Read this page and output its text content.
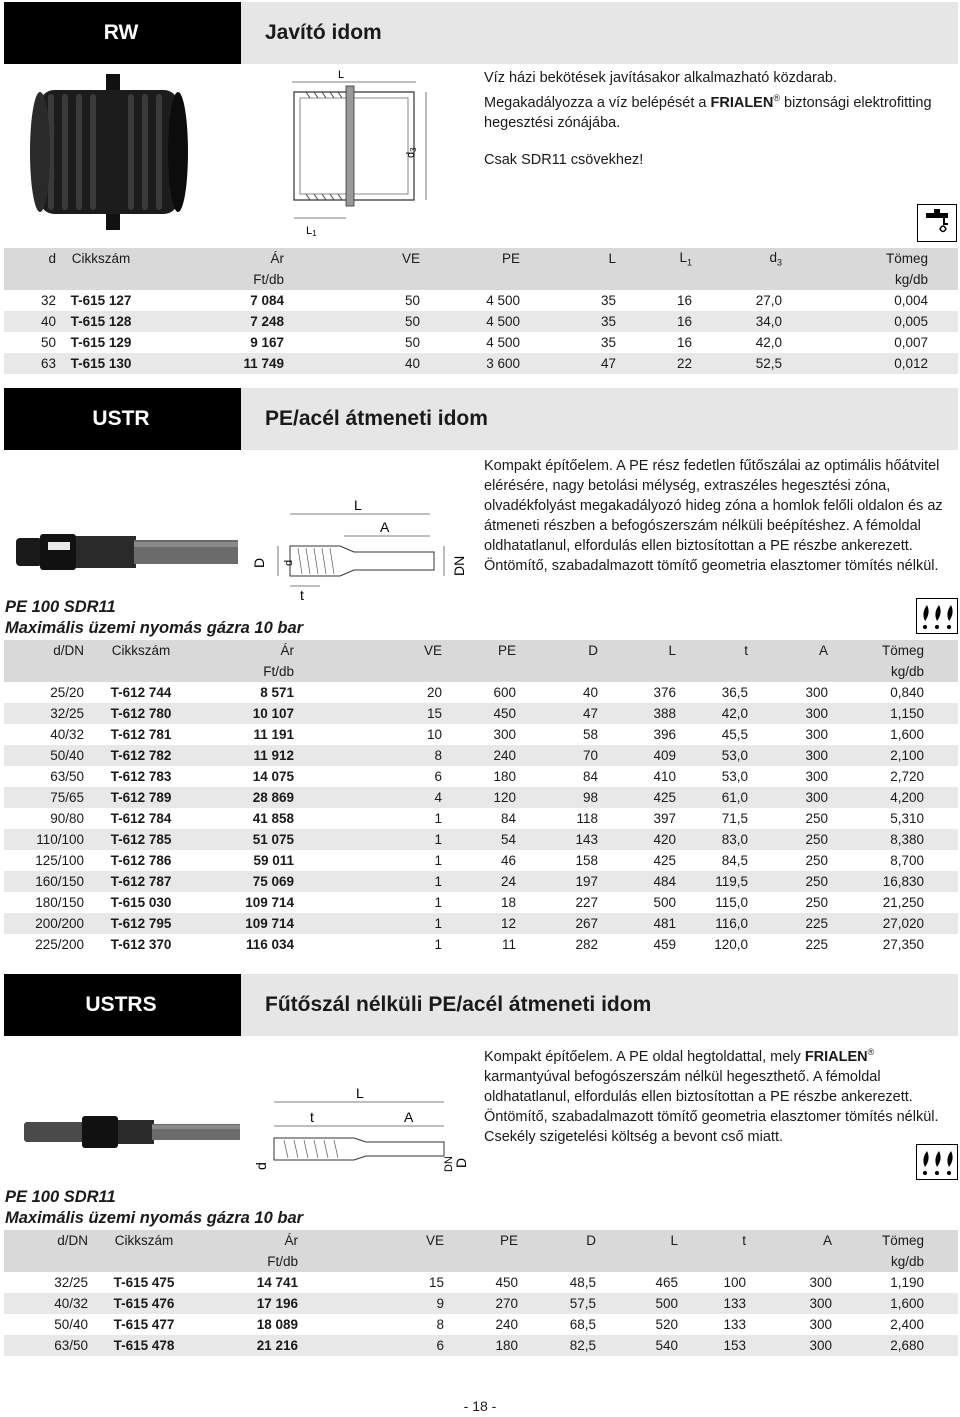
RW	Javító idom
L
d3
L1
Víz házi bekötések javításakor alkalmazható közdarab. Megakadályozza a víz belépését a FRIALEN® biztonsági elektrofitting hegesztési zónájába.
Csak SDR11 csövekhez!
d	Cikkszám	Ár	VE	PE	L	$L_1$	$d_3$	Tömeg
		Ft/db						kg/db
32	T-615 127	7 084	50	4 500	35	16	27,0	0,004
40	T-615 128	7 248	50	4 500	35	16	34,0	0,005
50	T-615 129	9 167	50	4 500	35	16	42,0	0,007
63	T-615 130	11 749	40	3 600	47	22	52,5	0,012
USTR	PE/acél átmeneti idom
L
A
D d
t
DN
Kompakt építőelem. A PE rész fedetlen fűtőszálai az optimális hőátvitel elérésére, nagy betolási mélység, extraszéles hegesztési zóna, olvadékfolyást megakadályozó hideg zóna a homlok felőli oldalon és az átmeneti részben a befogószerszám nélküli beépítéshez. A fémoldal oldhatatlanul, elfordulás ellen biztosítottan a PE részbe ankerezett. Öntömítő, szabadalmazott tömítő geometria elasztomer tömítés nélkül.
PE 100 SDR11
Maximális üzemi nyomás gázra 10 bar
d/DN	Cikkszám	Ár	VE	PE	D	L	t	A	Tömeg
		Ft/db							kg/db
25/20	T-612 744	8 571	20	600	40	376	36,5	300	0,840
32/25	T-612 780	10 107	15	450	47	388	42,0	300	1,150
40/32	T-612 781	11 191	10	300	58	396	45,5	300	1,600
50/40	T-612 782	11 912	8	240	70	409	53,0	300	2,100
63/50	T-612 783	14 075	6	180	84	410	53,0	300	2,720
75/65	T-612 789	28 869	4	120	98	425	61,0	300	4,200
90/80	T-612 784	41 858	1	84	118	397	71,5	250	5,310
110/100	T-612 785	51 075	1	54	143	420	83,0	250	8,380
125/100	T-612 786	59 011	1	46	158	425	84,5	250	8,700
160/150	T-612 787	75 069	1	24	197	484	119,5	250	16,830
180/150	T-615 030	109 714	1	18	227	500	115,0	250	21,250
200/200	T-612 795	109 714	1	12	267	481	116,0	225	27,020
225/200	T-612 370	116 034	1	11	282	459	120,0	225	27,350
USTRS	Fűtőszál nélküli PE/acél átmeneti idom
L
t	A
d	DN
D
Kompakt építőelem. A PE oldal hegtoldattal, mely FRIALEN® karmantyúval befogószerszám nélkül hegeszthető. A fémoldal oldhatatlanul, elfordulás ellen biztosítottan a PE részbe ankerezett. Öntömítő, szabadalmazott tömítő geometria elasztomer tömítés nélkül. Csekély szigetelési költség a bevont cső miatt.
PE 100 SDR11
Maximális üzemi nyomás gázra 10 bar
d/DN	Cikkszám	Ár	VE	PE	D	L	t	A	Tömeg
		Ft/db							kg/db
32/25	T-615 475	14 741	15	450	48,5	465	100	300	1,190
40/32	T-615 476	17 196	9	270	57,5	500	133	300	1,600
50/40	T-615 477	18 089	8	240	68,5	520	133	300	2,400
63/50	T-615 478	21 216	6	180	82,5	540	153	300	2,680
- 18 -
